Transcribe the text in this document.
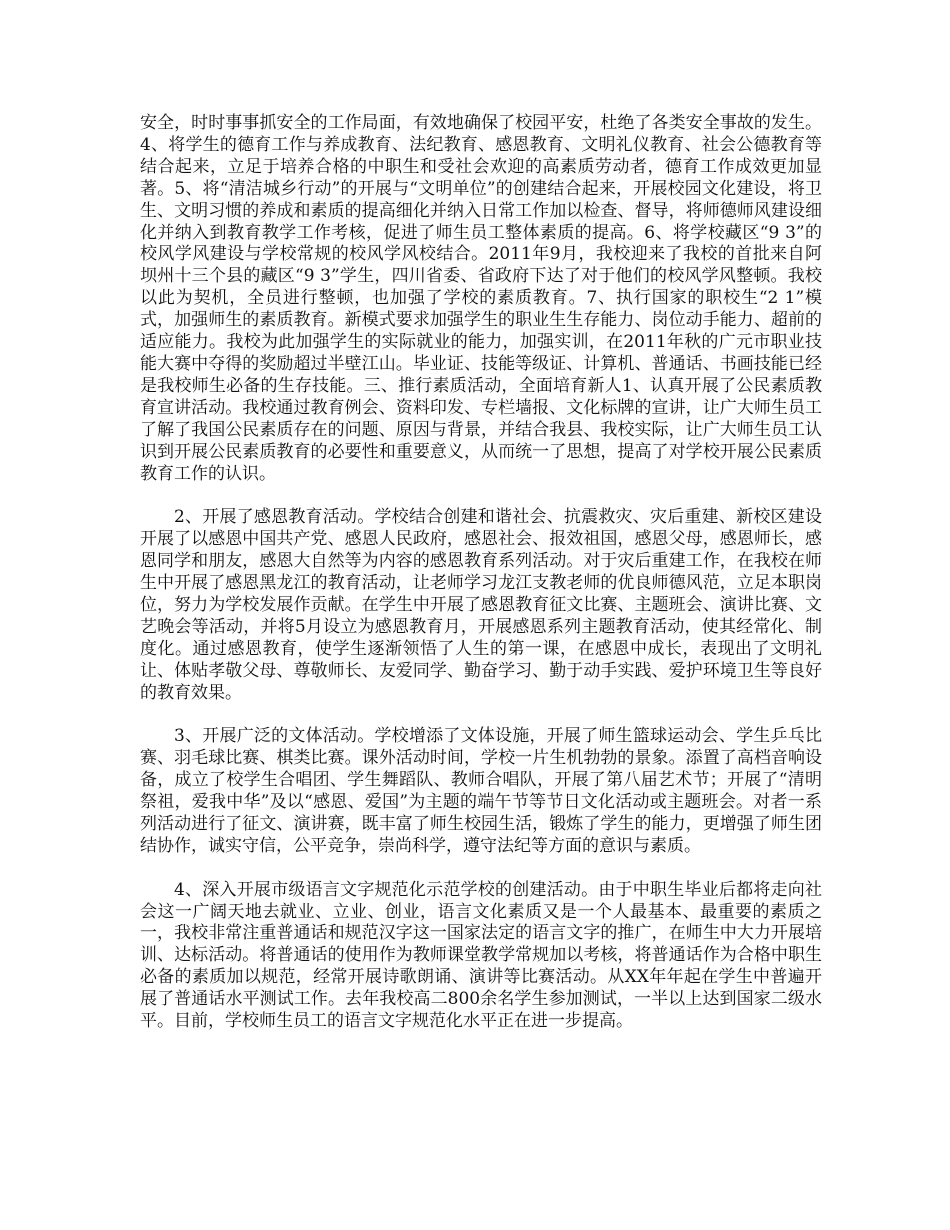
安全，时时事事抓安全的工作局面，有效地确保了校园平安，杜绝了各类安全事故的发生。4、将学生的德育工作与养成教育、法纪教育、感恩教育、文明礼仪教育、社会公德教育等结合起来，立足于培养合格的中职生和受社会欢迎的高素质劳动者，德育工作成效更加显著。5、将“清洁城乡行动”的开展与“文明单位”的创建结合起来，开展校园文化建设，将卫生、文明习惯的养成和素质的提高细化并纳入日常工作加以检查、督导，将师德师风建设细化并纳入到教育教学工作考核，促进了师生员工整体素质的提高。6、将学校藏区“9 3”的校风学风建设与学校常规的校风学风校结合。2011年9月，我校迎来了我校的首批来自阿坝州十三个县的藏区“9 3”学生，四川省委、省政府下达了对于他们的校风学风整顿。我校以此为契机，全员进行整顿，也加强了学校的素质教育。7、执行国家的职校生“2 1”模式，加强师生的素质教育。新模式要求加强学生的职业生生存能力、岗位动手能力、超前的适应能力。我校为此加强学生的实际就业的能力，加强实训，在2011年秋的广元市职业技能大赛中夺得的奖励超过半壁江山。毕业证、技能等级证、计算机、普通话、书画技能已经是我校师生必备的生存技能。三、推行素质活动，全面培育新人1、认真开展了公民素质教育宣讲活动。我校通过教育例会、资料印发、专栏墙报、文化标牌的宣讲，让广大师生员工了解了我国公民素质存在的问题、原因与背景，并结合我县、我校实际，让广大师生员工认识到开展公民素质教育的必要性和重要意义，从而统一了思想，提高了对学校开展公民素质教育工作的认识。

2、开展了感恩教育活动。学校结合创建和谐社会、抗震救灾、灾后重建、新校区建设开展了以感恩中国共产党、感恩人民政府，感恩社会、报效祖国，感恩父母，感恩师长，感恩同学和朋友，感恩大自然等为内容的感恩教育系列活动。对于灾后重建工作，在我校在师生中开展了感恩黑龙江的教育活动，让老师学习龙江支教老师的优良师德风范，立足本职岗位，努力为学校发展作贡献。在学生中开展了感恩教育征文比赛、主题班会、演讲比赛、文艺晚会等活动，并将5月设立为感恩教育月，开展感恩系列主题教育活动，使其经常化、制度化。通过感恩教育，使学生逐渐领悟了人生的第一课，在感恩中成长，表现出了文明礼让、体贴孝敬父母、尊敬师长、友爱同学、勤奋学习、勤于动手实践、爱护环境卫生等良好的教育效果。

3、开展广泛的文体活动。学校增添了文体设施，开展了师生篮球运动会、学生乒乓比赛、羽毛球比赛、棋类比赛。课外活动时间，学校一片生机勃勃的景象。添置了高档音响设备，成立了校学生合唱团、学生舞蹈队、教师合唱队，开展了第八届艺术节；开展了“清明祭祖，爱我中华”及以“感恩、爱国”为主题的端午节等节日文化活动或主题班会。对者一系列活动进行了征文、演讲赛，既丰富了师生校园生活，锻炼了学生的能力，更增强了师生团结协作，诚实守信，公平竞争，崇尚科学，遵守法纪等方面的意识与素质。

4、深入开展市级语言文字规范化示范学校的创建活动。由于中职生毕业后都将走向社会这一广阔天地去就业、立业、创业，语言文化素质又是一个人最基本、最重要的素质之一，我校非常注重普通话和规范汉字这一国家法定的语言文字的推广，在师生中大力开展培训、达标活动。将普通话的使用作为教师课堂教学常规加以考核，将普通话作为合格中职生必备的素质加以规范，经常开展诗歌朗诵、演讲等比赛活动。从XX年年起在学生中普遍开展了普通话水平测试工作。去年我校高二800余名学生参加测试，一半以上达到国家二级水平。目前，学校师生员工的语言文字规范化水平正在进一步提高。
